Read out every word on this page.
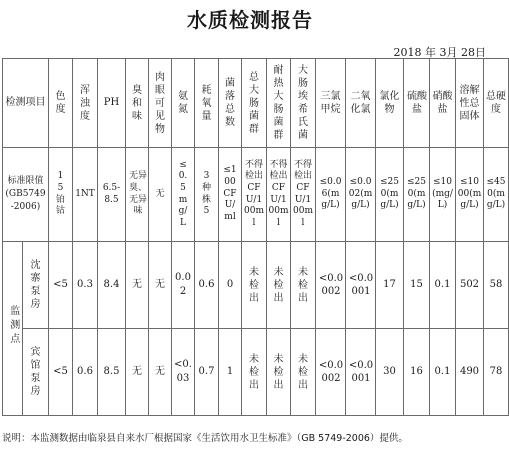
水质检测报告
2018 年 3月 28日
检测项目		色度	浑浊度	PH	臭和味	肉眼可见物	氨氮	耗氧量	菌落总数	总大肠菌群	耐热大肠菌群	大肠埃希氏菌	三氯甲烷	二氧化氯	氯化物	硫酸盐	硝酸盐	溶解性总固体	总硬度

标准限值(GB5749-2006)		15铂钴	1NT	6.5-8.5	无异臭、无异味	无	≤0.5mg/L	3种株5	≤100CFU/ml	不得检出CFU/100ml	不得检出CFU/100ml	不得检出CFU/100ml	≤0.06(mg/L)	≤0.002(mg/L)	≤250(mg/L)	≤250(mg/L)	≤10(mg/L)	≤1000(mg/L)	≤450(mg/L)

监测点	沈寨泵房	<5	0.3	8.4	无	无	0.02	0.6	0	未检出	未检出	未检出	<0.0002	<0.0001	17	15	0.1	502	58

	宾馆泵房	<5	0.6	8.5	无	无	<0.03	0.7	1	未检出	未检出	未检出	<0.0002	<0.0001	30	16	0.1	490	78
说明：本监测数据由临泉县自来水厂根据国家《生活饮用水卫生标准》（GB 5749-2006）提供。
